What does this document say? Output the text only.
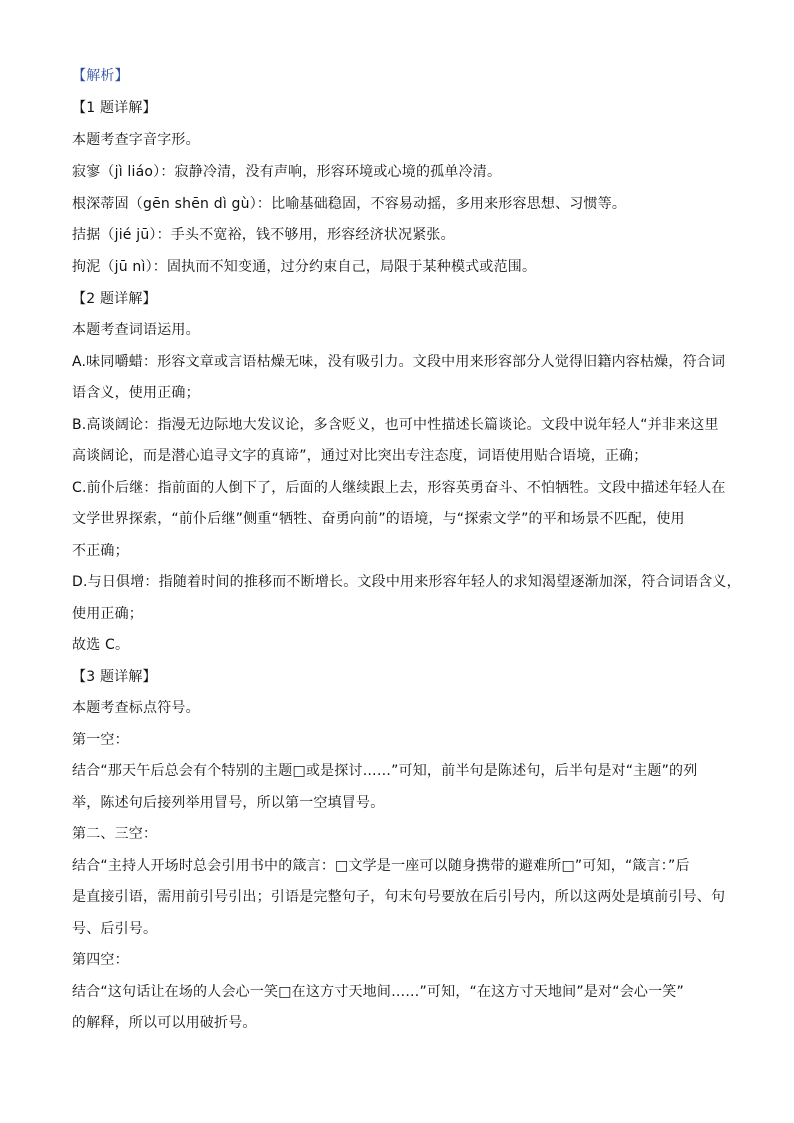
【解析】
【1 题详解】
本题考查字音字形。
寂寥（jì liáo）：寂静冷清，没有声响，形容环境或心境的孤单冷清。
根深蒂固（gēn shēn dì gù）：比喻基础稳固，不容易动摇，多用来形容思想、习惯等。
拮据（jié jū）：手头不宽裕，钱不够用，形容经济状况紧张。
拘泥（jū nì）：固执而不知变通，过分约束自己，局限于某种模式或范围。
【2 题详解】
本题考查词语运用。
A.味同嚼蜡：形容文章或言语枯燥无味，没有吸引力。文段中用来形容部分人觉得旧籍内容枯燥，符合词
语含义，使用正确；
B.高谈阔论：指漫无边际地大发议论，多含贬义，也可中性描述长篇谈论。文段中说年轻人“并非来这里
高谈阔论，而是潜心追寻文字的真谛”，通过对比突出专注态度，词语使用贴合语境，正确；
C.前仆后继：指前面的人倒下了，后面的人继续跟上去，形容英勇奋斗、不怕牺牲。文段中描述年轻人在
文学世界探索，“前仆后继”侧重“牺牲、奋勇向前”的语境，与“探索文学”的平和场景不匹配，使用
不正确；
D.与日俱增：指随着时间的推移而不断增长。文段中用来形容年轻人的求知渴望逐渐加深，符合词语含义，
使用正确；
故选 C。
【3 题详解】
本题考查标点符号。
第一空：
结合“那天午后总会有个特别的主题□或是探讨……”可知，前半句是陈述句，后半句是对“主题”的列
举，陈述句后接列举用冒号，所以第一空填冒号。
第二、三空：
结合“主持人开场时总会引用书中的箴言：□文学是一座可以随身携带的避难所□”可知，“箴言：”后
是直接引语，需用前引号引出；引语是完整句子，句末句号要放在后引号内，所以这两处是填前引号、句
号、后引号。
第四空：
结合“这句话让在场的人会心一笑□在这方寸天地间……”可知，“在这方寸天地间”是对“会心一笑”
的解释，所以可以用破折号。
